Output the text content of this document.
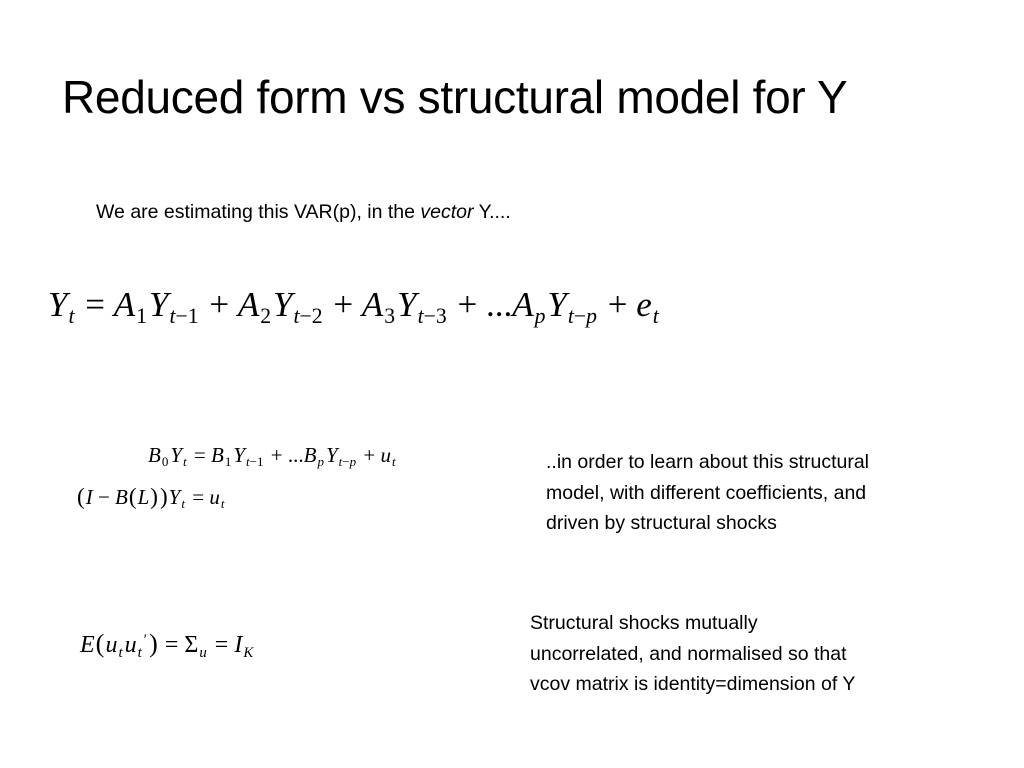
Reduced form vs structural model for Y
We are estimating this VAR(p), in the vector Y....
Yt = A1Yt−1 + A2Yt−2 + A3Yt−3 + ...ApYt−p + et
B0Yt = B1Yt−1 + ...BpYt−p + ut
(I − B(L))Yt = ut
E(utut′) = Σu = IK
..in order to learn about this structural
model, with different coefficients, and
driven by structural shocks
Structural shocks mutually
uncorrelated, and normalised so that
vcov matrix is identity=dimension of Y
